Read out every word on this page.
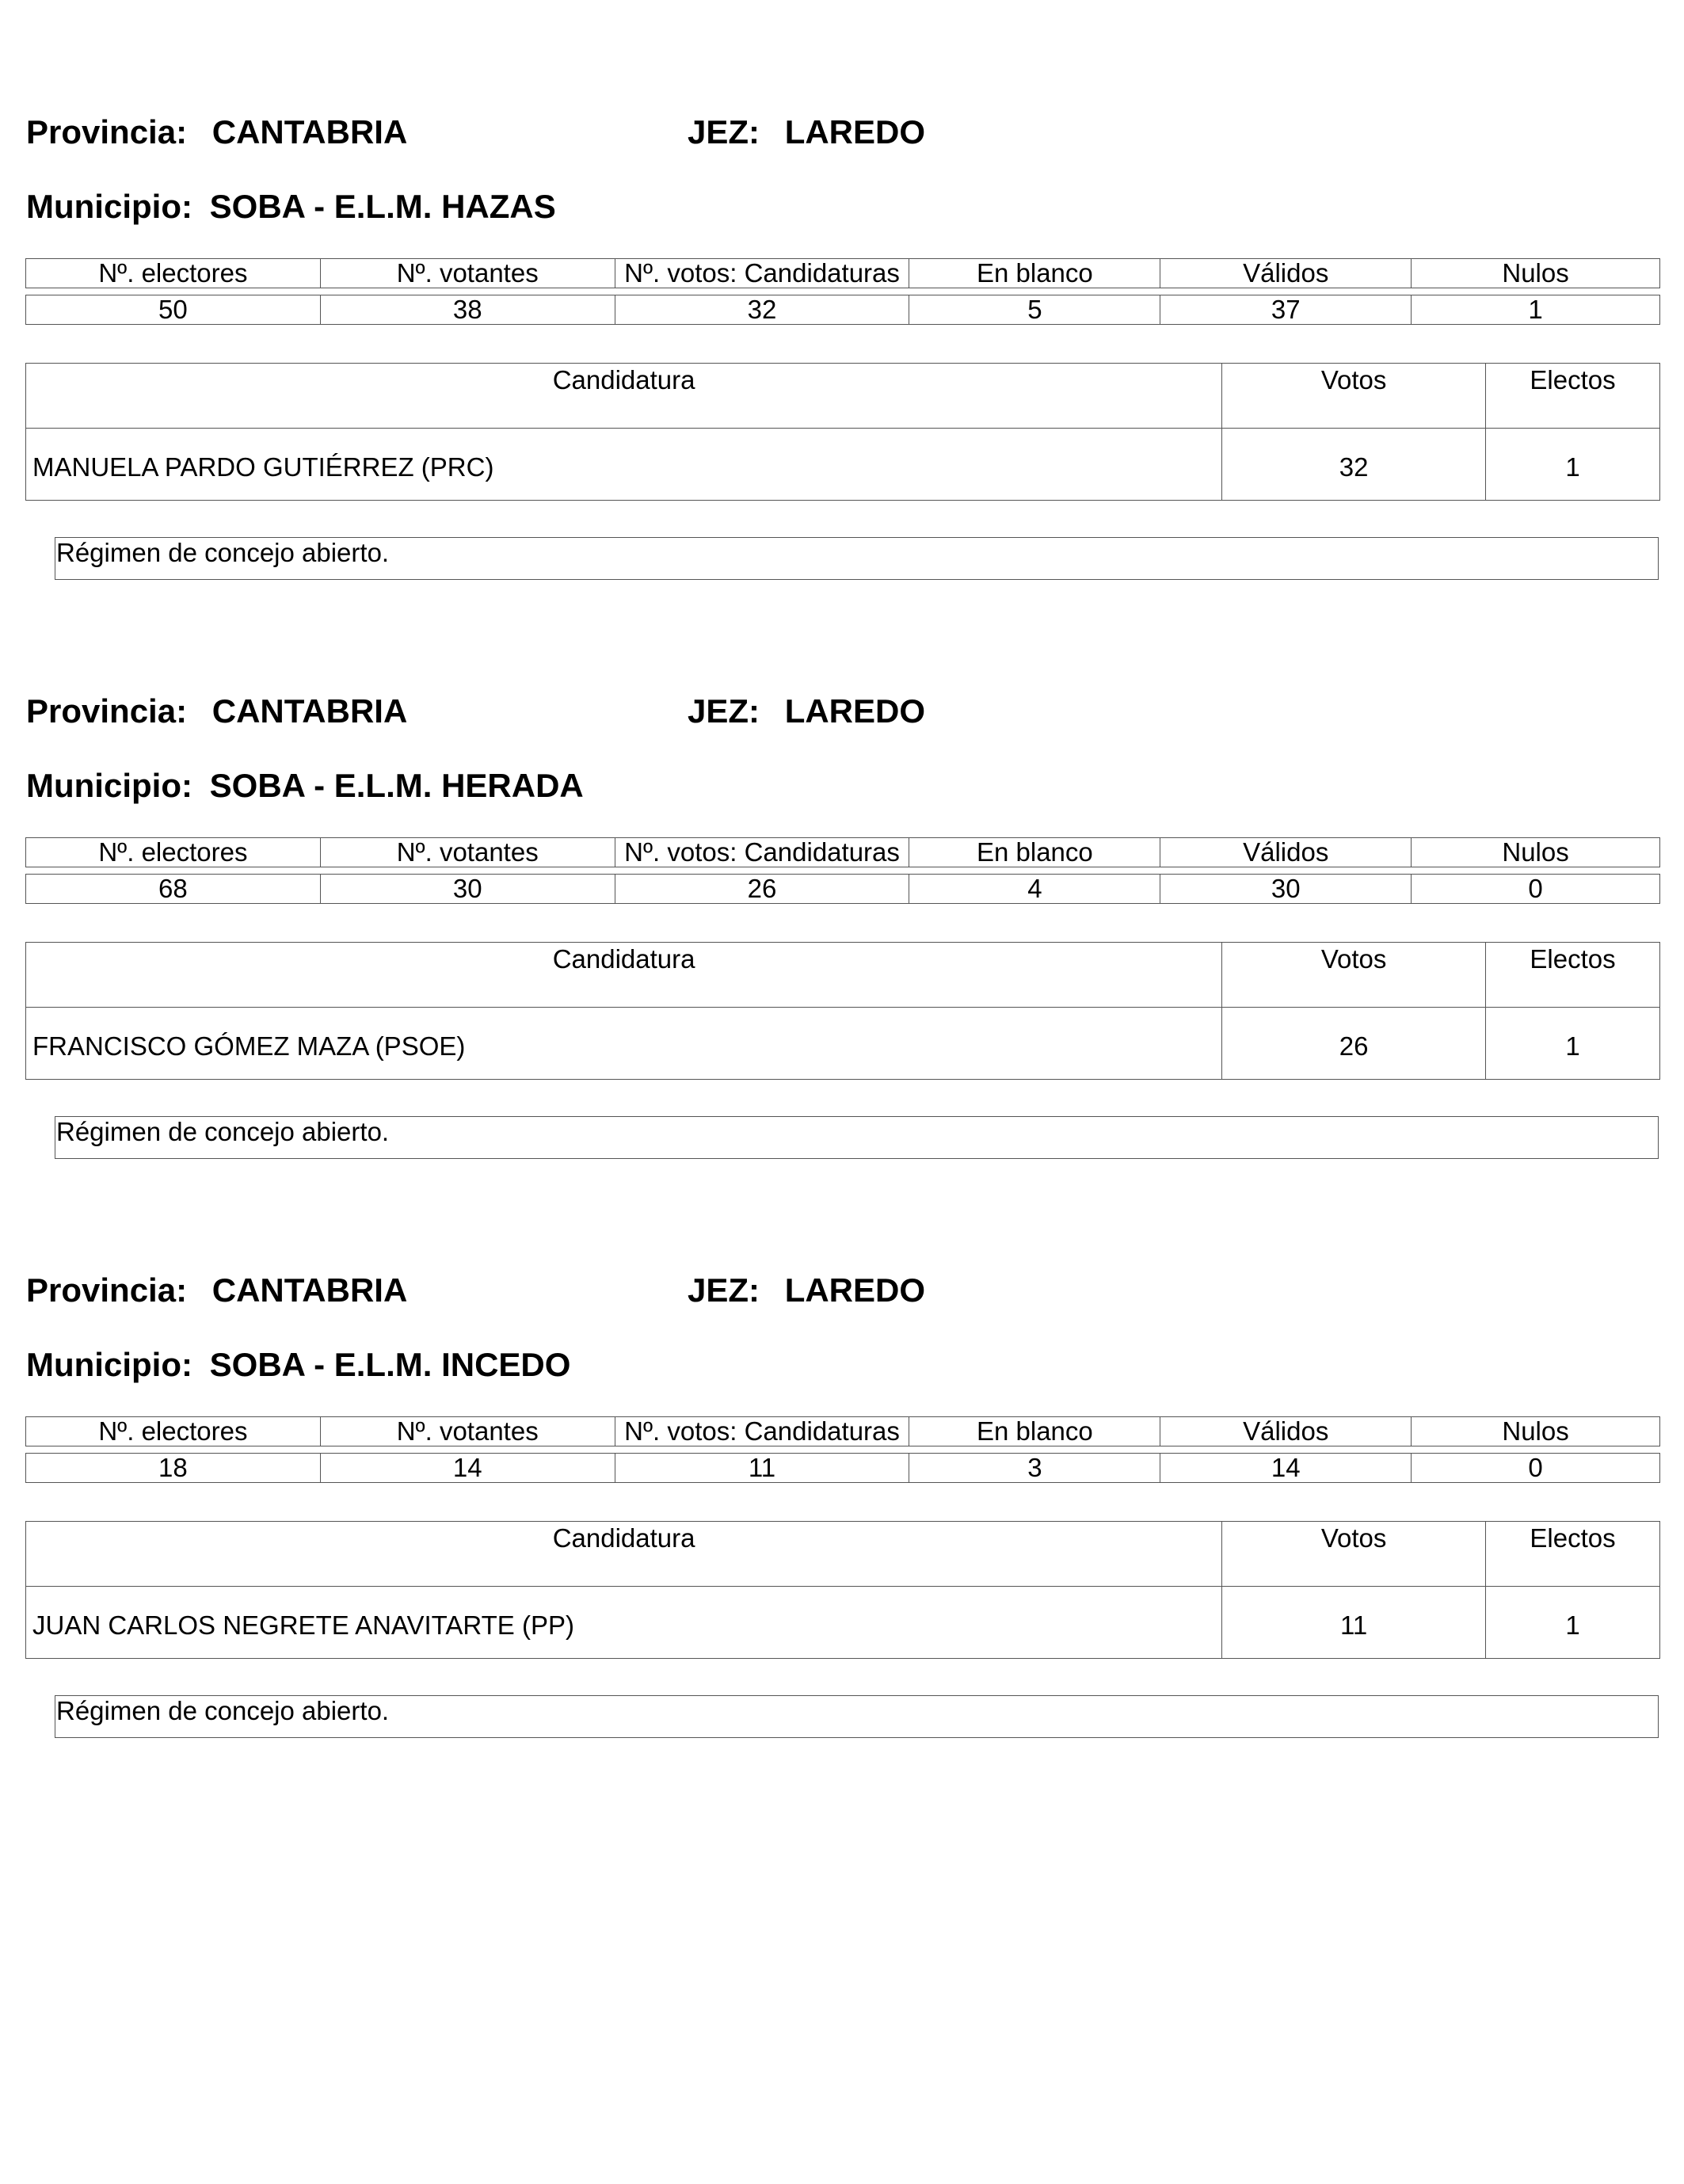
Provincia: CANTABRIA	JEZ: LAREDO
Municipio: SOBA - E.L.M. HAZAS
Nº. electores	Nº. votantes	Nº. votos: Candidaturas	En blanco	Válidos	Nulos

50	38	32	5	37	1
Candidatura	Votos	Electos
MANUELA PARDO GUTIÉRREZ (PRC)	32	1
Régimen de concejo abierto.
Provincia: CANTABRIA	JEZ: LAREDO
Municipio: SOBA - E.L.M. HERADA
Nº. electores	Nº. votantes	Nº. votos: Candidaturas	En blanco	Válidos	Nulos

68	30	26	4	30	0
Candidatura	Votos	Electos
FRANCISCO GÓMEZ MAZA (PSOE)	26	1
Régimen de concejo abierto.
Provincia: CANTABRIA	JEZ: LAREDO
Municipio: SOBA - E.L.M. INCEDO
Nº. electores	Nº. votantes	Nº. votos: Candidaturas	En blanco	Válidos	Nulos

18	14	11	3	14	0
Candidatura	Votos	Electos
JUAN CARLOS NEGRETE ANAVITARTE (PP)	11	1
Régimen de concejo abierto.
